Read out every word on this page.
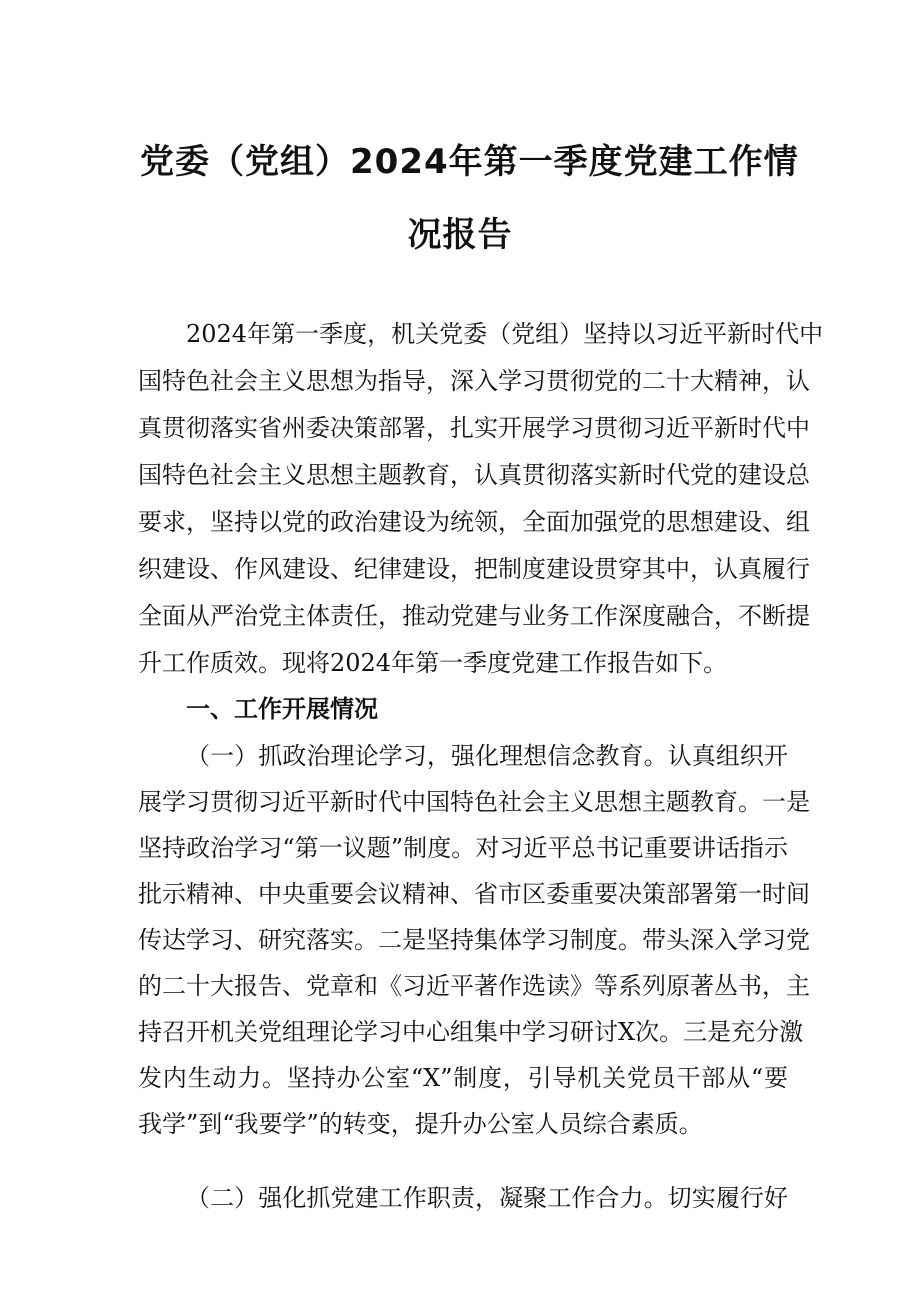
党委（党组）2024年第一季度党建工作情
况报告
2024年第一季度，机关党委（党组）坚持以习近平新时代中
国特色社会主义思想为指导，深入学习贯彻党的二十大精神，认
真贯彻落实省州委决策部署，扎实开展学习贯彻习近平新时代中
国特色社会主义思想主题教育，认真贯彻落实新时代党的建设总
要求，坚持以党的政治建设为统领，全面加强党的思想建设、组
织建设、作风建设、纪律建设，把制度建设贯穿其中，认真履行
全面从严治党主体责任，推动党建与业务工作深度融合，不断提
升工作质效。现将2024年第一季度党建工作报告如下。
一、工作开展情况
（一）抓政治理论学习，强化理想信念教育。认真组织开
展学习贯彻习近平新时代中国特色社会主义思想主题教育。一是
坚持政治学习“第一议题”制度。对习近平总书记重要讲话指示
批示精神、中央重要会议精神、省市区委重要决策部署第一时间
传达学习、研究落实。二是坚持集体学习制度。带头深入学习党
的二十大报告、党章和《习近平著作选读》等系列原著丛书，主
持召开机关党组理论学习中心组集中学习研讨X次。三是充分激
发内生动力。坚持办公室“X”制度，引导机关党员干部从“要
我学”到“我要学”的转变，提升办公室人员综合素质。
（二）强化抓党建工作职责，凝聚工作合力。切实履行好
